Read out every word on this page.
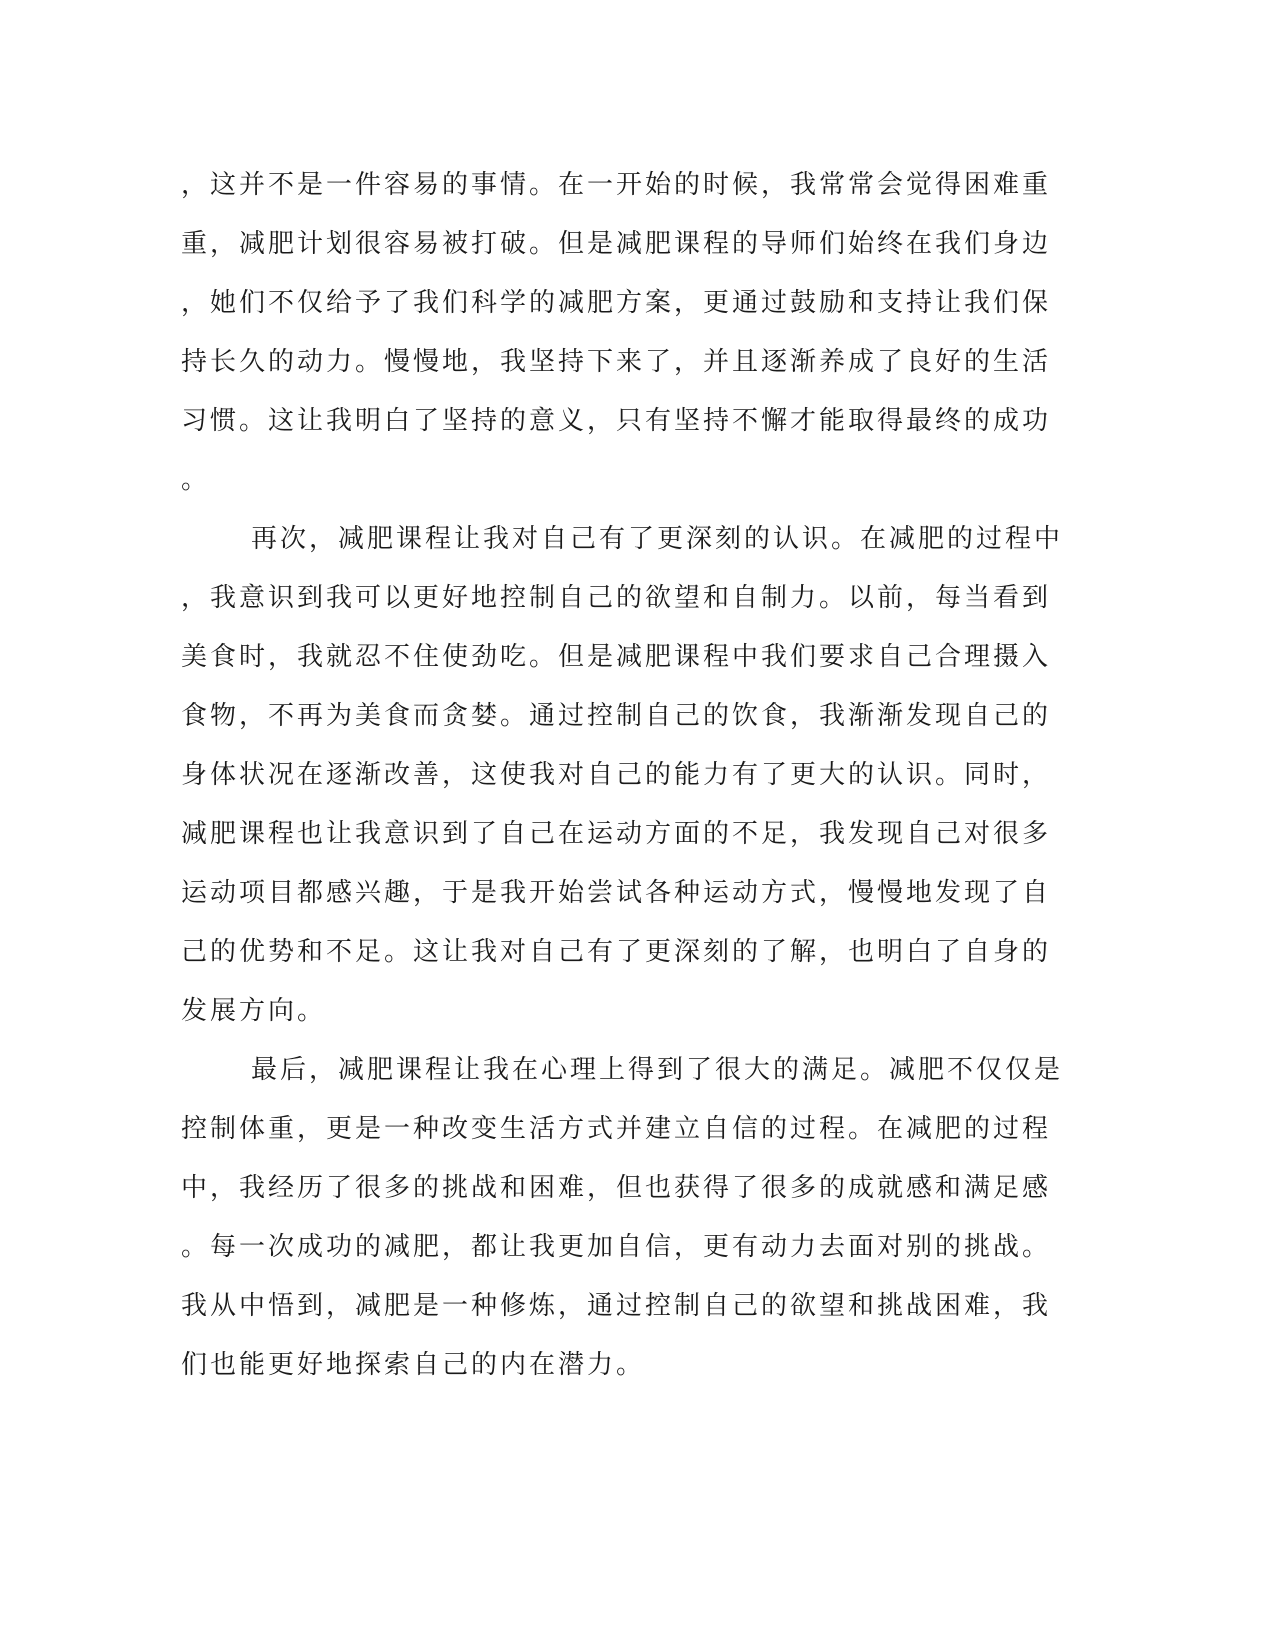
，这并不是一件容易的事情。在一开始的时候，我常常会觉得困难重
重，减肥计划很容易被打破。但是减肥课程的导师们始终在我们身边
，她们不仅给予了我们科学的减肥方案，更通过鼓励和支持让我们保
持长久的动力。慢慢地，我坚持下来了，并且逐渐养成了良好的生活
习惯。这让我明白了坚持的意义，只有坚持不懈才能取得最终的成功
。
再次，减肥课程让我对自己有了更深刻的认识。在减肥的过程中
，我意识到我可以更好地控制自己的欲望和自制力。以前，每当看到
美食时，我就忍不住使劲吃。但是减肥课程中我们要求自己合理摄入
食物，不再为美食而贪婪。通过控制自己的饮食，我渐渐发现自己的
身体状况在逐渐改善，这使我对自己的能力有了更大的认识。同时，
减肥课程也让我意识到了自己在运动方面的不足，我发现自己对很多
运动项目都感兴趣，于是我开始尝试各种运动方式，慢慢地发现了自
己的优势和不足。这让我对自己有了更深刻的了解，也明白了自身的
发展方向。
最后，减肥课程让我在心理上得到了很大的满足。减肥不仅仅是
控制体重，更是一种改变生活方式并建立自信的过程。在减肥的过程
中，我经历了很多的挑战和困难，但也获得了很多的成就感和满足感
。每一次成功的减肥，都让我更加自信，更有动力去面对别的挑战。
我从中悟到，减肥是一种修炼，通过控制自己的欲望和挑战困难，我
们也能更好地探索自己的内在潜力。
